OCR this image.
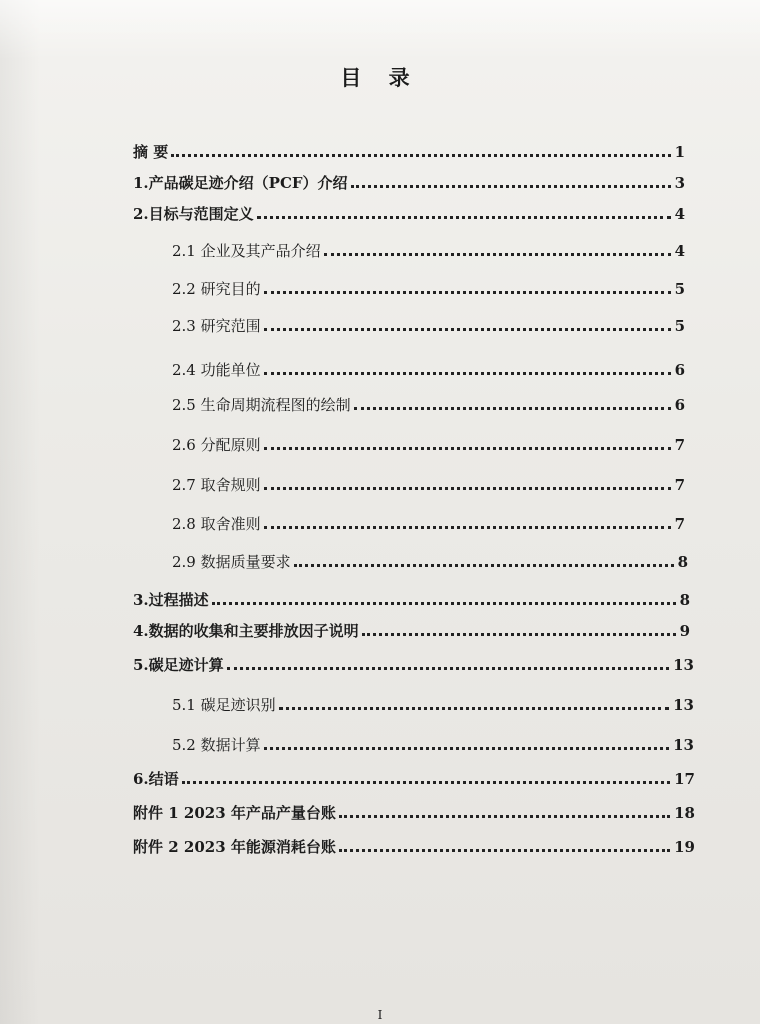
目 录
摘 要	1
1.产品碳足迹介绍（PCF）介绍	3
2.目标与范围定义	4
2.1 企业及其产品介绍	4
2.2 研究目的	5
2.3 研究范围	5
2.4 功能单位	6
2.5 生命周期流程图的绘制	6
2.6 分配原则	7
2.7 取舍规则	7
2.8 取舍准则	7
2.9 数据质量要求	8
3.过程描述	8
4.数据的收集和主要排放因子说明	9
5.碳足迹计算	13
5.1 碳足迹识别	13
5.2 数据计算	13
6.结语	17
附件 1 2023 年产品产量台账	18
附件 2 2023 年能源消耗台账	19
I
